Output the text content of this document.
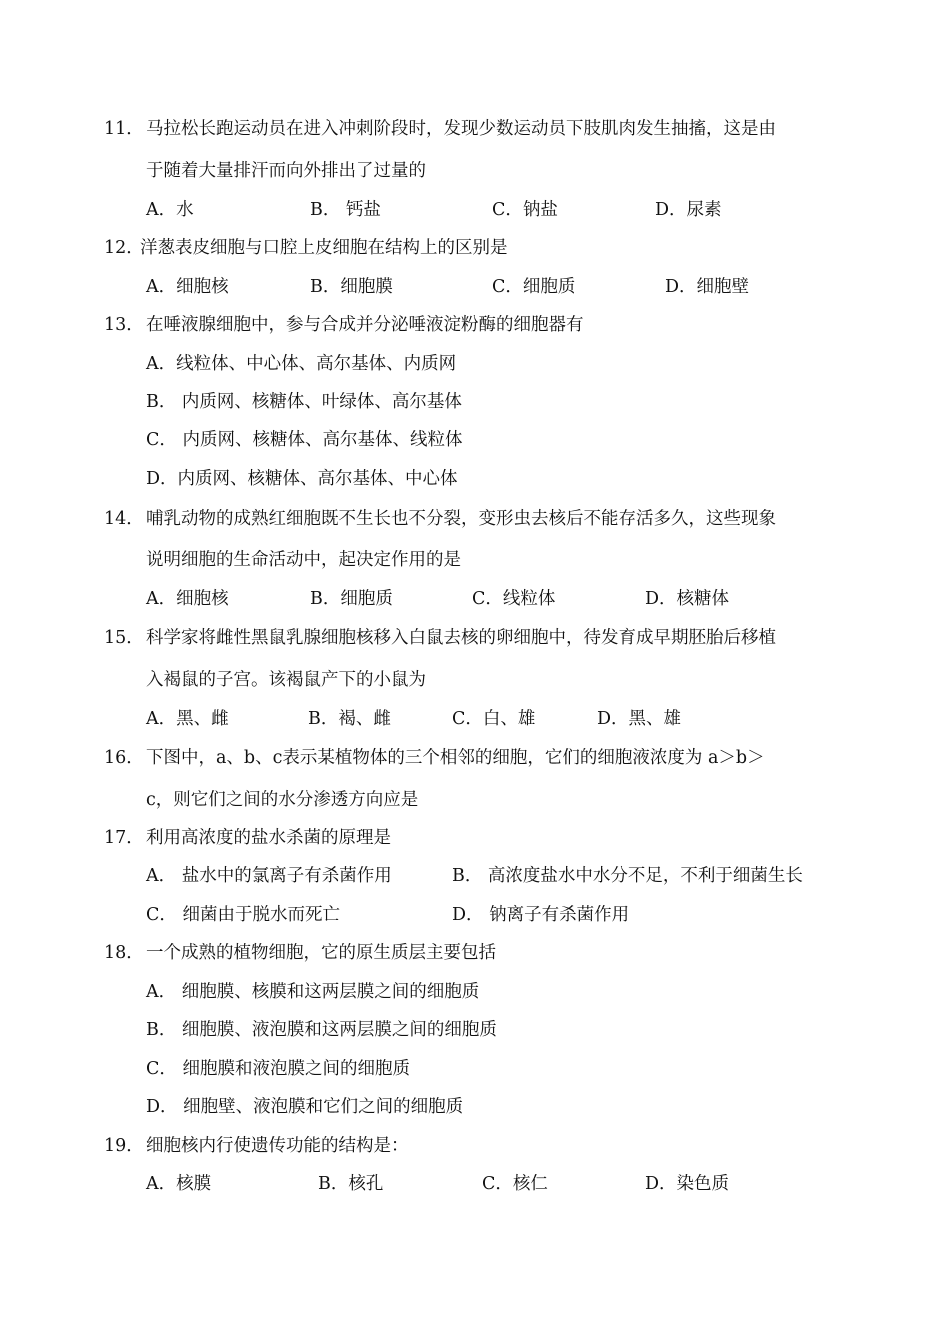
11． 马拉松长跑运动员在进入冲刺阶段时，发现少数运动员下肢肌肉发生抽搐，这是由
于随着大量排汗而向外排出了过量的
A．水	B． 钙盐	C．钠盐	D．尿素
12．
洋葱表皮细胞与口腔上皮细胞在结构上的区别是
A．细胞核	B．细胞膜	C．细胞质	D．细胞壁
13． 在唾液腺细胞中，参与合成并分泌唾液淀粉酶的细胞器有
A．线粒体、中心体、高尔基体、内质网
B． 内质网、核糖体、叶绿体、高尔基体
C． 内质网、核糖体、高尔基体、线粒体
D．内质网、核糖体、高尔基体、中心体
14． 哺乳动物的成熟红细胞既不生长也不分裂，变形虫去核后不能存活多久，这些现象
说明细胞的生命活动中，起决定作用的是
A．细胞核	B．细胞质	C．线粒体	D．核糖体
15． 科学家将雌性黑鼠乳腺细胞核移入白鼠去核的卵细胞中，待发育成早期胚胎后移植
入褐鼠的子宫。该褐鼠产下的小鼠为
A．黑、雌	B．褐、雌	C．白、雄	D．黑、雄
16． 下图中，a、b、c表示某植物体的三个相邻的细胞，它们的细胞液浓度为 a＞b＞
c，则它们之间的水分渗透方向应是
17． 利用高浓度的盐水杀菌的原理是
A． 盐水中的氯离子有杀菌作用	B． 高浓度盐水中水分不足，不利于细菌生长
C． 细菌由于脱水而死亡	D． 钠离子有杀菌作用
18． 一个成熟的植物细胞，它的原生质层主要包括
A． 细胞膜、核膜和这两层膜之间的细胞质
B． 细胞膜、液泡膜和这两层膜之间的细胞质
C． 细胞膜和液泡膜之间的细胞质
D． 细胞壁、液泡膜和它们之间的细胞质
19． 细胞核内行使遗传功能的结构是：
A．核膜	B．核孔	C．核仁	D．染色质
